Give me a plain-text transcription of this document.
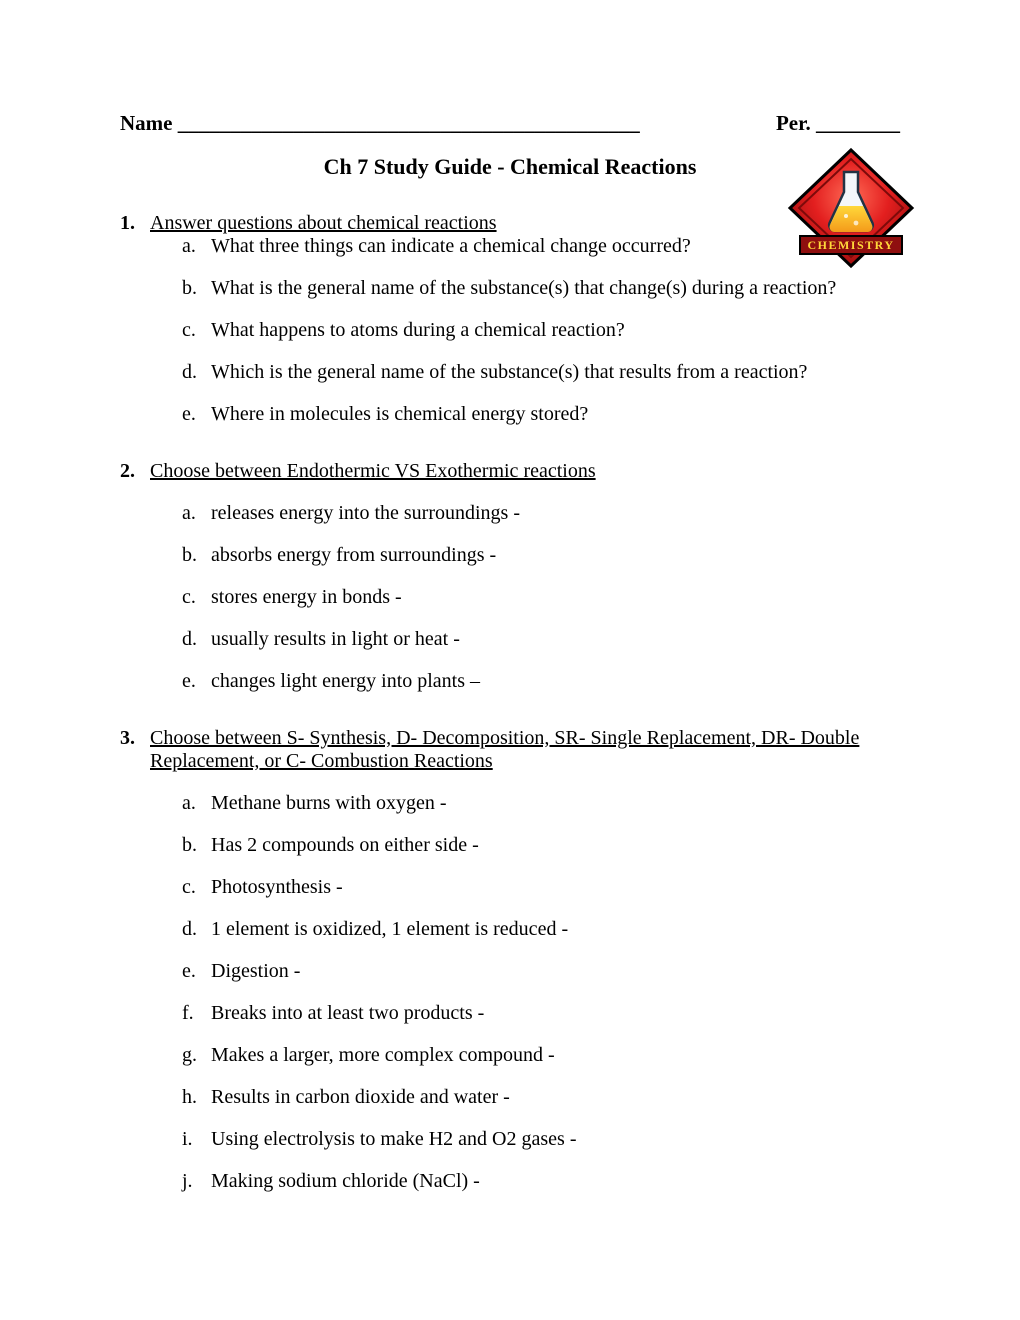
CHEMISTRY
Name ____________________________________________	Per. ________
Ch 7 Study Guide - Chemical Reactions
1. Answer questions about chemical reactions
a. What three things can indicate a chemical change occurred?
b. What is the general name of the substance(s) that change(s) during a reaction?
c. What happens to atoms during a chemical reaction?
d. Which is the general name of the substance(s) that results from a reaction?
e. Where in molecules is chemical energy stored?
2. Choose between Endothermic VS Exothermic reactions
a. releases energy into the surroundings -
b. absorbs energy from surroundings -
c. stores energy in bonds -
d. usually results in light or heat -
e. changes light energy into plants –
3. Choose between S- Synthesis, D- Decomposition, SR- Single Replacement, DR- Double Replacement, or C- Combustion Reactions
a. Methane burns with oxygen -
b. Has 2 compounds on either side -
c. Photosynthesis -
d. 1 element is oxidized, 1 element is reduced -
e. Digestion -
f. Breaks into at least two products -
g. Makes a larger, more complex compound -
h. Results in carbon dioxide and water -
i. Using electrolysis to make H2 and O2 gases -
j. Making sodium chloride (NaCl) -
